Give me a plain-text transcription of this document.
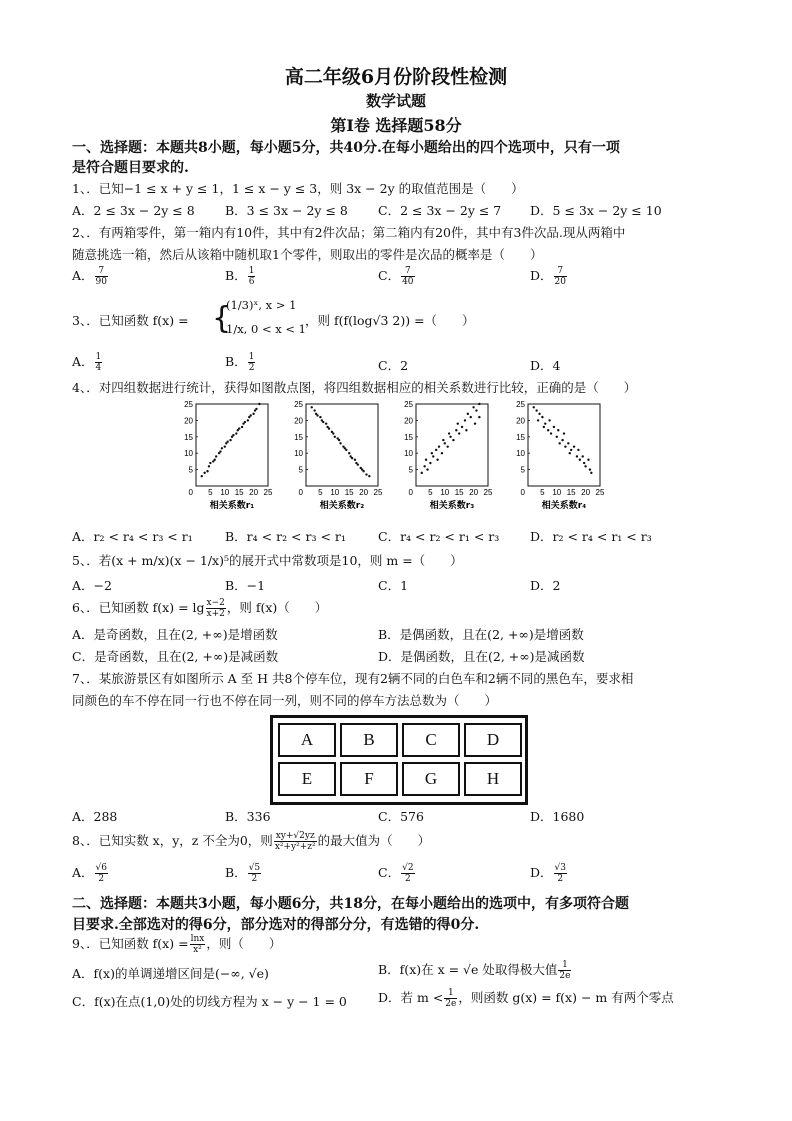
高二年级6月份阶段性检测
数学试题
第Ⅰ卷 选择题58分
一、选择题：本题共8小题，每小题5分，共40分.在每小题给出的四个选项中，只有一项
是符合题目要求的.
1、．已知−1 ≤ x + y ≤ 1，1 ≤ x − y ≤ 3，则 3x − 2y 的取值范围是（　　）
A．2 ≤ 3x − 2y ≤ 8 B．3 ≤ 3x − 2y ≤ 8 C．2 ≤ 3x − 2y ≤ 7 D．5 ≤ 3x − 2y ≤ 10
2、．有两箱零件，第一箱内有10件，其中有2件次品；第二箱内有20件，其中有3件次品.现从两箱中
随意挑选一箱，然后从该箱中随机取1个零件，则取出的零件是次品的概率是（　　）
A． $\frac{7}{90}$	B． $\frac{1}{6}$	C． $\frac{7}{40}$	D． $\frac{7}{20}$
3、．已知函数 f(x) = {
(1/3)ˣ, x > 1
1/x, 0 < x < 1
，则 f(f(log√3 2)) =（　　）
A． $\frac{1}{4}$	B． $\frac{1}{2}$	C．2	D．4
4、．对四组数据进行统计，获得如图散点图，将四组数据相应的相关系数进行比较，正确的是（　　）
5
10
15
20
25
0 5 10 15 20 25
相关系数r₁
5
10
15
20
25
0 5 10 15 20 25
相关系数r₂
5
10
15
20
25
0 5 10 15 20 25
相关系数r₃
5
10
15
20
25
0 5 10 15 20 25
相关系数r₄
A．r₂ < r₄ < r₃ < r₁	B．r₄ < r₂ < r₃ < r₁	C．r₄ < r₂ < r₁ < r₃ D．r₂ < r₄ < r₁ < r₃
5、．若(x + m/x)(x − 1/x)⁵的展开式中常数项是10，则 m =（　　）
A．−2	B．−1	C．1	D．2
6、．已知函数 $f(x) = \lg \frac{x-2}{x+2}$ ，则 f(x)（　　）
A．是奇函数，且在(2, +∞)是增函数	B．是偶函数，且在(2, +∞)是增函数
C．是奇函数，且在(2, +∞)是减函数	D．是偶函数，且在(2, +∞)是减函数
7、．某旅游景区有如图所示 A 至 H 共8个停车位，现有2辆不同的白色车和2辆不同的黑色车，要求相
同颜色的车不停在同一行也不停在同一列，则不同的停车方法总数为（　　）
A	B	C	D
E	F	G	H
A．288	B．336	C．576	D．1680
8、．已知实数 x，y，z 不全为0，则 $\frac{xy+√2yz}{\text{x²+y²+z²}}$ 的最大值为（　　）
A． $\frac{√6}{2}$	B． $\frac{√5}{2}$	C． $\frac{√2}{2}$	D． $\frac{√3}{2}$
二、选择题：本题共3小题，每小题6分，共18分，在每小题给出的选项中，有多项符合题
目要求.全部选对的得6分，部分选对的得部分分，有选错的得0分.
9、．已知函数 $f(x) = \frac{\ln x}{\text{x²}}$ ，则（　　）
A．f(x)的单调递增区间是(−∞, √e)	B．f(x)在 x = √e 处取得极大值 $\frac{1}{2e}$
C．f(x)在点(1,0)处的切线方程为 x − y − 1 = 0 D．若 $m < \frac{1}{2e}$ ，则函数 g(x) = f(x) − m 有两个零点
